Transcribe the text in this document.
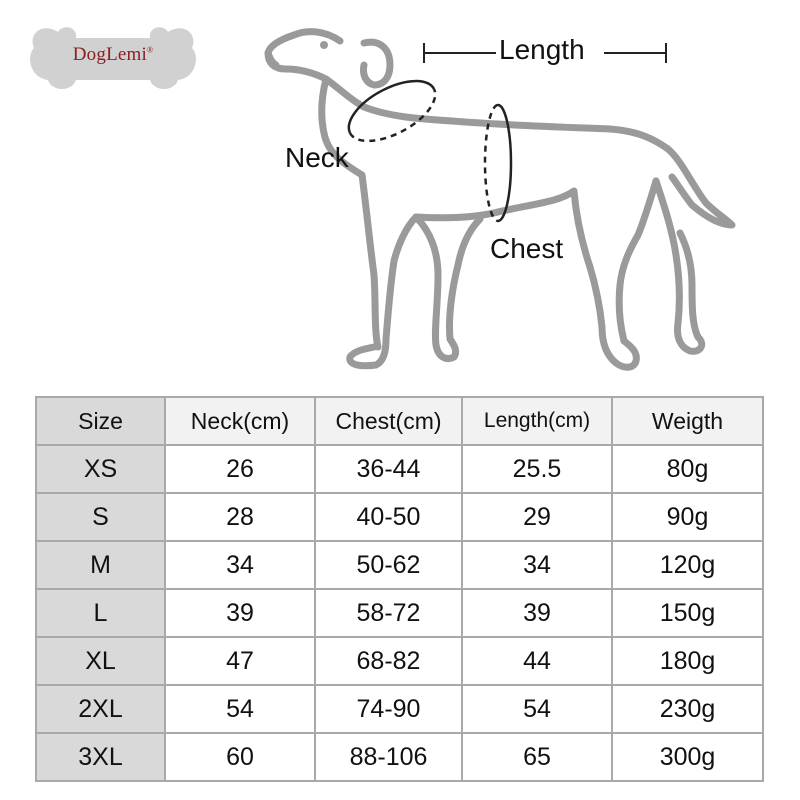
DogLemi®	Length
Neck
Chest
Size	Neck(cm)	Chest(cm)	Length(cm)	Weigth
XS	26	36-44	25.5	80g
S	28	40-50	29	90g
M	34	50-62	34	120g
L	39	58-72	39	150g
XL	47	68-82	44	180g
2XL	54	74-90	54	230g
3XL	60	88-106	65	300g
